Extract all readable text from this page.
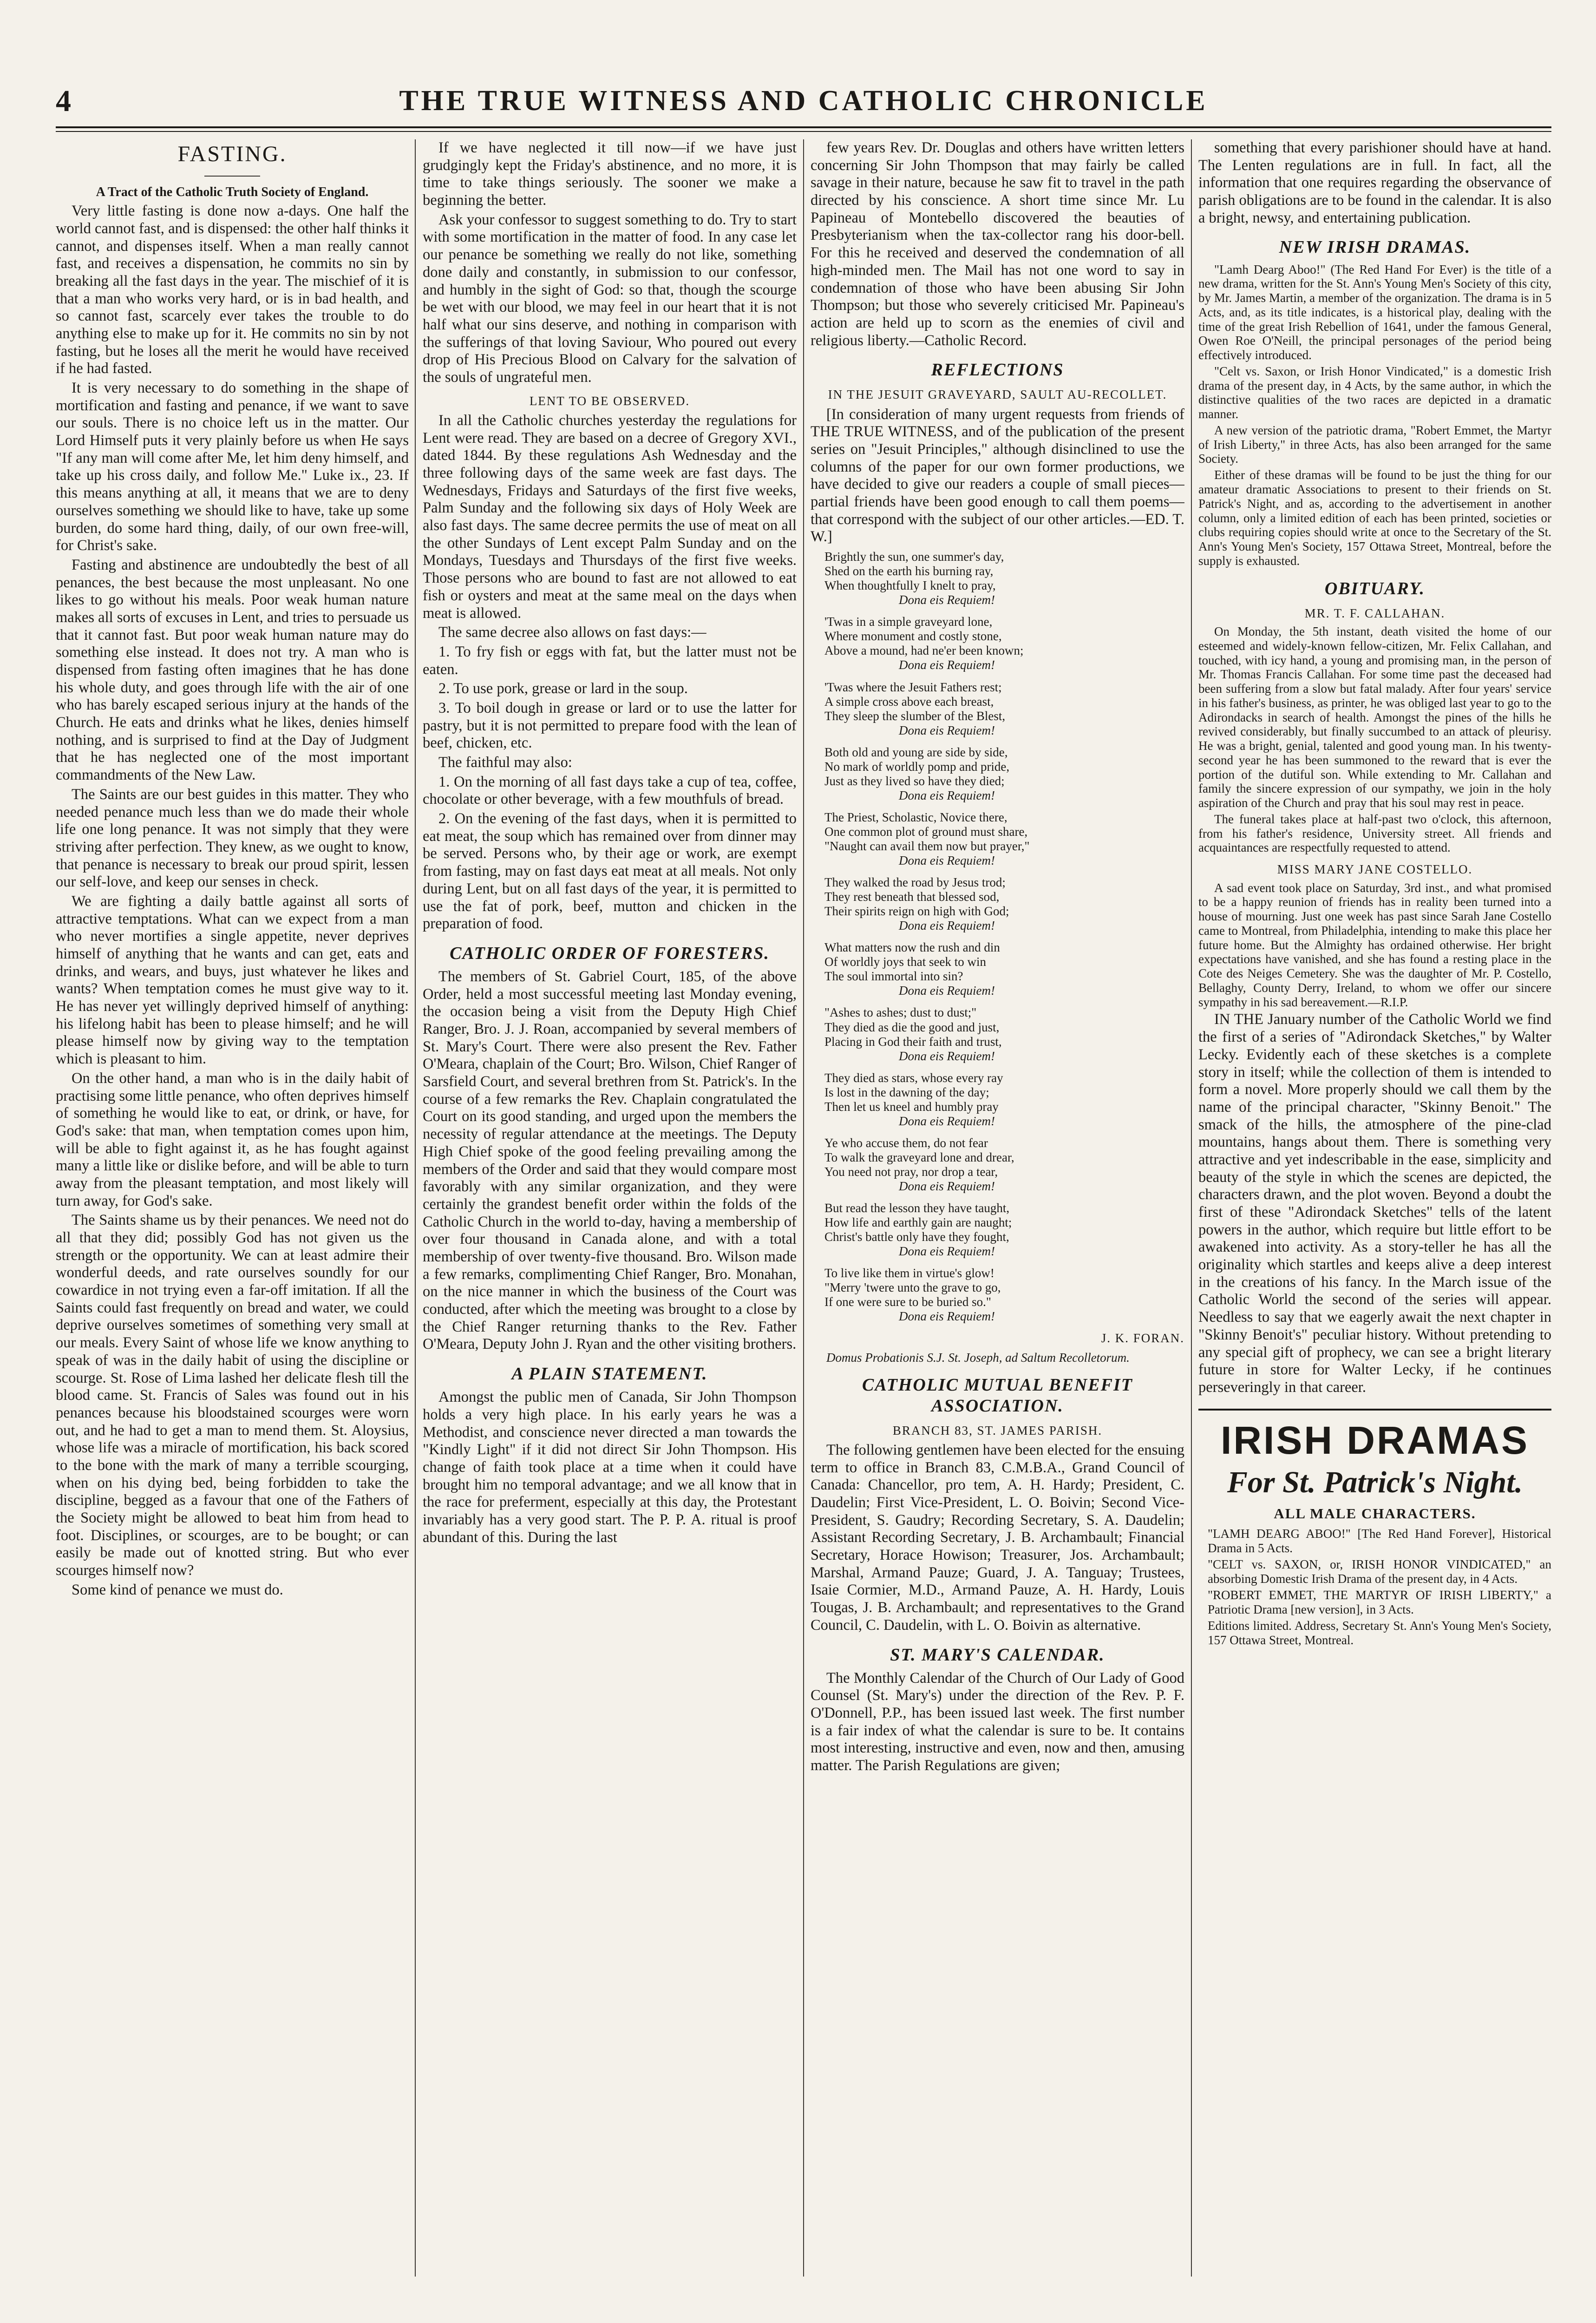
4	THE TRUE WITNESS AND CATHOLIC CHRONICLE
FASTING.
A Tract of the Catholic Truth Society of England.

Very little fasting is done now a-days. One half the world cannot fast, and is dispensed: the other half thinks it cannot, and dispenses itself. When a man really cannot fast, and receives a dispensation, he commits no sin by breaking all the fast days in the year. The mischief of it is that a man who works very hard, or is in bad health, and so cannot fast, scarcely ever takes the trouble to do anything else to make up for it. He commits no sin by not fasting, but he loses all the merit he would have received if he had fasted.

It is very necessary to do something in the shape of mortification and fasting and penance, if we want to save our souls. There is no choice left us in the matter. Our Lord Himself puts it very plainly before us when He says "If any man will come after Me, let him deny himself, and take up his cross daily, and follow Me." Luke ix., 23. If this means anything at all, it means that we are to deny ourselves something we should like to have, take up some burden, do some hard thing, daily, of our own free-will, for Christ's sake.

Fasting and abstinence are undoubtedly the best of all penances, the best because the most unpleasant. No one likes to go without his meals. Poor weak human nature makes all sorts of excuses in Lent, and tries to persuade us that it cannot fast. But poor weak human nature may do something else instead. It does not try. A man who is dispensed from fasting often imagines that he has done his whole duty, and goes through life with the air of one who has barely escaped serious injury at the hands of the Church. He eats and drinks what he likes, denies himself nothing, and is surprised to find at the Day of Judgment that he has neglected one of the most important commandments of the New Law.

The Saints are our best guides in this matter. They who needed penance much less than we do made their whole life one long penance. It was not simply that they were striving after perfection. They knew, as we ought to know, that penance is necessary to break our proud spirit, lessen our self-love, and keep our senses in check.

We are fighting a daily battle against all sorts of attractive temptations. What can we expect from a man who never mortifies a single appetite, never deprives himself of anything that he wants and can get, eats and drinks, and wears, and buys, just whatever he likes and wants? When temptation comes he must give way to it. He has never yet willingly deprived himself of anything: his lifelong habit has been to please himself; and he will please himself now by giving way to the temptation which is pleasant to him.

On the other hand, a man who is in the daily habit of practising some little penance, who often deprives himself of something he would like to eat, or drink, or have, for God's sake: that man, when temptation comes upon him, will be able to fight against it, as he has fought against many a little like or dislike before, and will be able to turn away from the pleasant temptation, and most likely will turn away, for God's sake.

The Saints shame us by their penances. We need not do all that they did; possibly God has not given us the strength or the opportunity. We can at least admire their wonderful deeds, and rate ourselves soundly for our cowardice in not trying even a far-off imitation. If all the Saints could fast frequently on bread and water, we could deprive ourselves sometimes of something very small at our meals. Every Saint of whose life we know anything to speak of was in the daily habit of using the discipline or scourge. St. Rose of Lima lashed her delicate flesh till the blood came. St. Francis of Sales was found out in his penances because his bloodstained scourges were worn out, and he had to get a man to mend them. St. Aloysius, whose life was a miracle of mortification, his back scored to the bone with the mark of many a terrible scourging, when on his dying bed, being forbidden to take the discipline, begged as a favour that one of the Fathers of the Society might be allowed to beat him from head to foot. Disciplines, or scourges, are to be bought; or can easily be made out of knotted string. But who ever scourges himself now?

Some kind of penance we must do.

If we have neglected it till now—if we have just grudgingly kept the Friday's abstinence, and no more, it is time to take things seriously. The sooner we make a beginning the better.

Ask your confessor to suggest something to do. Try to start with some mortification in the matter of food. In any case let our penance be something we really do not like, something done daily and constantly, in submission to our confessor, and humbly in the sight of God: so that, though the scourge be wet with our blood, we may feel in our heart that it is not half what our sins deserve, and nothing in comparison with the sufferings of that loving Saviour, Who poured out every drop of His Precious Blood on Calvary for the salvation of the souls of ungrateful men.

LENT TO BE OBSERVED.

In all the Catholic churches yesterday the regulations for Lent were read. They are based on a decree of Gregory XVI., dated 1844. By these regulations Ash Wednesday and the three following days of the same week are fast days. The Wednesdays, Fridays and Saturdays of the first five weeks, Palm Sunday and the following six days of Holy Week are also fast days. The same decree permits the use of meat on all the other Sundays of Lent except Palm Sunday and on the Mondays, Tuesdays and Thursdays of the first five weeks. Those persons who are bound to fast are not allowed to eat fish or oysters and meat at the same meal on the days when meat is allowed.

The same decree also allows on fast days:—

1. To fry fish or eggs with fat, but the latter must not be eaten.

2. To use pork, grease or lard in the soup.

3. To boil dough in grease or lard or to use the latter for pastry, but it is not permitted to prepare food with the lean of beef, chicken, etc.

The faithful may also:

1. On the morning of all fast days take a cup of tea, coffee, chocolate or other beverage, with a few mouthfuls of bread.

2. On the evening of the fast days, when it is permitted to eat meat, the soup which has remained over from dinner may be served. Persons who, by their age or work, are exempt from fasting, may on fast days eat meat at all meals. Not only during Lent, but on all fast days of the year, it is permitted to use the fat of pork, beef, mutton and chicken in the preparation of food.

CATHOLIC ORDER OF FORESTERS.

The members of St. Gabriel Court, 185, of the above Order, held a most successful meeting last Monday evening, the occasion being a visit from the Deputy High Chief Ranger, Bro. J. J. Roan, accompanied by several members of St. Mary's Court. There were also present the Rev. Father O'Meara, chaplain of the Court; Bro. Wilson, Chief Ranger of Sarsfield Court, and several brethren from St. Patrick's. In the course of a few remarks the Rev. Chaplain congratulated the Court on its good standing, and urged upon the members the necessity of regular attendance at the meetings. The Deputy High Chief spoke of the good feeling prevailing among the members of the Order and said that they would compare most favorably with any similar organization, and they were certainly the grandest benefit order within the folds of the Catholic Church in the world to-day, having a membership of over four thousand in Canada alone, and with a total membership of over twenty-five thousand. Bro. Wilson made a few remarks, complimenting Chief Ranger, Bro. Monahan, on the nice manner in which the business of the Court was conducted, after which the meeting was brought to a close by the Chief Ranger returning thanks to the Rev. Father O'Meara, Deputy John J. Ryan and the other visiting brothers.

A PLAIN STATEMENT.

Amongst the public men of Canada, Sir John Thompson holds a very high place. In his early years he was a Methodist, and conscience never directed a man towards the "Kindly Light" if it did not direct Sir John Thompson. His change of faith took place at a time when it could have brought him no temporal advantage; and we all know that in the race for preferment, especially at this day, the Protestant invariably has a very good start. The P. P. A. ritual is proof abundant of this. During the last

few years Rev. Dr. Douglas and others have written letters concerning Sir John Thompson that may fairly be called savage in their nature, because he saw fit to travel in the path directed by his conscience. A short time since Mr. Lu Papineau of Montebello discovered the beauties of Presbyterianism when the tax-collector rang his door-bell. For this he received and deserved the condemnation of all high-minded men. The Mail has not one word to say in condemnation of those who have been abusing Sir John Thompson; but those who severely criticised Mr. Papineau's action are held up to scorn as the enemies of civil and religious liberty.—Catholic Record.

REFLECTIONS
IN THE JESUIT GRAVEYARD, SAULT AU-RECOLLET.

[In consideration of many urgent requests from friends of THE TRUE WITNESS, and of the publication of the present series on "Jesuit Principles," although disinclined to use the columns of the paper for our own former productions, we have decided to give our readers a couple of small pieces—partial friends have been good enough to call them poems—that correspond with the subject of our other articles.—ED. T. W.]

Brightly the sun, one summer's day,
Shed on the earth his burning ray,
When thoughtfully I knelt to pray,
Dona eis Requiem!
'Twas in a simple graveyard lone,
Where monument and costly stone,
Above a mound, had ne'er been known;
Dona eis Requiem!
'Twas where the Jesuit Fathers rest;
A simple cross above each breast,
They sleep the slumber of the Blest,
Dona eis Requiem!
Both old and young are side by side,
No mark of worldly pomp and pride,
Just as they lived so have they died;
Dona eis Requiem!
The Priest, Scholastic, Novice there,
One common plot of ground must share,
"Naught can avail them now but prayer,"
Dona eis Requiem!
They walked the road by Jesus trod;
They rest beneath that blessed sod,
Their spirits reign on high with God;
Dona eis Requiem!
What matters now the rush and din
Of worldly joys that seek to win
The soul immortal into sin?
Dona eis Requiem!
"Ashes to ashes; dust to dust;"
They died as die the good and just,
Placing in God their faith and trust,
Dona eis Requiem!
They died as stars, whose every ray
Is lost in the dawning of the day;
Then let us kneel and humbly pray
Dona eis Requiem!
Ye who accuse them, do not fear
To walk the graveyard lone and drear,
You need not pray, nor drop a tear,
Dona eis Requiem!
But read the lesson they have taught,
How life and earthly gain are naught;
Christ's battle only have they fought,
Dona eis Requiem!
To live like them in virtue's glow!
"Merry 'twere unto the grave to go,
If one were sure to be buried so."
Dona eis Requiem!
J. K. FORAN.

Domus Probationis S.J. St. Joseph, ad Saltum Recolletorum.

CATHOLIC MUTUAL BENEFIT ASSOCIATION.
BRANCH 83, ST. JAMES PARISH.

The following gentlemen have been elected for the ensuing term to office in Branch 83, C.M.B.A., Grand Council of Canada: Chancellor, pro tem, A. H. Hardy; President, C. Daudelin; First Vice-President, L. O. Boivin; Second Vice-President, S. Gaudry; Recording Secretary, S. A. Daudelin; Assistant Recording Secretary, J. B. Archambault; Financial Secretary, Horace Howison; Treasurer, Jos. Archambault; Marshal, Armand Pauze; Guard, J. A. Tanguay; Trustees, Isaie Cormier, M.D., Armand Pauze, A. H. Hardy, Louis Tougas, J. B. Archambault; and representatives to the Grand Council, C. Daudelin, with L. O. Boivin as alternative.

ST. MARY'S CALENDAR.

The Monthly Calendar of the Church of Our Lady of Good Counsel (St. Mary's) under the direction of the Rev. P. F. O'Donnell, P.P., has been issued last week. The first number is a fair index of what the calendar is sure to be. It contains most interesting, instructive and even, now and then, amusing matter. The Parish Regulations are given;

something that every parishioner should have at hand. The Lenten regulations are in full. In fact, all the information that one requires regarding the observance of parish obligations are to be found in the calendar. It is also a bright, newsy, and entertaining publication.

NEW IRISH DRAMAS.

"Lamh Dearg Aboo!" (The Red Hand For Ever) is the title of a new drama, written for the St. Ann's Young Men's Society of this city, by Mr. James Martin, a member of the organization. The drama is in 5 Acts, and, as its title indicates, is a historical play, dealing with the time of the great Irish Rebellion of 1641, under the famous General, Owen Roe O'Neill, the principal personages of the period being effectively introduced.

"Celt vs. Saxon, or Irish Honor Vindicated," is a domestic Irish drama of the present day, in 4 Acts, by the same author, in which the distinctive qualities of the two races are depicted in a dramatic manner.

A new version of the patriotic drama, "Robert Emmet, the Martyr of Irish Liberty," in three Acts, has also been arranged for the same Society.

Either of these dramas will be found to be just the thing for our amateur dramatic Associations to present to their friends on St. Patrick's Night, and as, according to the advertisement in another column, only a limited edition of each has been printed, societies or clubs requiring copies should write at once to the Secretary of the St. Ann's Young Men's Society, 157 Ottawa Street, Montreal, before the supply is exhausted.

OBITUARY.
MR. T. F. CALLAHAN.

On Monday, the 5th instant, death visited the home of our esteemed and widely-known fellow-citizen, Mr. Felix Callahan, and touched, with icy hand, a young and promising man, in the person of Mr. Thomas Francis Callahan. For some time past the deceased had been suffering from a slow but fatal malady. After four years' service in his father's business, as printer, he was obliged last year to go to the Adirondacks in search of health. Amongst the pines of the hills he revived considerably, but finally succumbed to an attack of pleurisy. He was a bright, genial, talented and good young man. In his twenty-second year he has been summoned to the reward that is ever the portion of the dutiful son. While extending to Mr. Callahan and family the sincere expression of our sympathy, we join in the holy aspiration of the Church and pray that his soul may rest in peace.

The funeral takes place at half-past two o'clock, this afternoon, from his father's residence, University street. All friends and acquaintances are respectfully requested to attend.

MISS MARY JANE COSTELLO.

A sad event took place on Saturday, 3rd inst., and what promised to be a happy reunion of friends has in reality been turned into a house of mourning. Just one week has past since Sarah Jane Costello came to Montreal, from Philadelphia, intending to make this place her future home. But the Almighty has ordained otherwise. Her bright expectations have vanished, and she has found a resting place in the Cote des Neiges Cemetery. She was the daughter of Mr. P. Costello, Bellaghy, County Derry, Ireland, to whom we offer our sincere sympathy in his sad bereavement.—R.I.P.

IN THE January number of the Catholic World we find the first of a series of "Adirondack Sketches," by Walter Lecky. Evidently each of these sketches is a complete story in itself; while the collection of them is intended to form a novel. More properly should we call them by the name of the principal character, "Skinny Benoit." The smack of the hills, the atmosphere of the pine-clad mountains, hangs about them. There is something very attractive and yet indescribable in the ease, simplicity and beauty of the style in which the scenes are depicted, the characters drawn, and the plot woven. Beyond a doubt the first of these "Adirondack Sketches" tells of the latent powers in the author, which require but little effort to be awakened into activity. As a story-teller he has all the originality which startles and keeps alive a deep interest in the creations of his fancy. In the March issue of the Catholic World the second of the series will appear. Needless to say that we eagerly await the next chapter in "Skinny Benoit's" peculiar history. Without pretending to any special gift of prophecy, we can see a bright literary future in store for Walter Lecky, if he continues perseveringly in that career.

IRISH DRAMAS
For St. Patrick's Night.
ALL MALE CHARACTERS.

"LAMH DEARG ABOO!" [The Red Hand Forever], Historical Drama in 5 Acts.

"CELT vs. SAXON, or, IRISH HONOR VINDICATED," an absorbing Domestic Irish Drama of the present day, in 4 Acts.

"ROBERT EMMET, THE MARTYR OF IRISH LIBERTY," a Patriotic Drama [new version], in 3 Acts.

Editions limited. Address, Secretary St. Ann's Young Men's Society, 157 Ottawa Street, Montreal.
